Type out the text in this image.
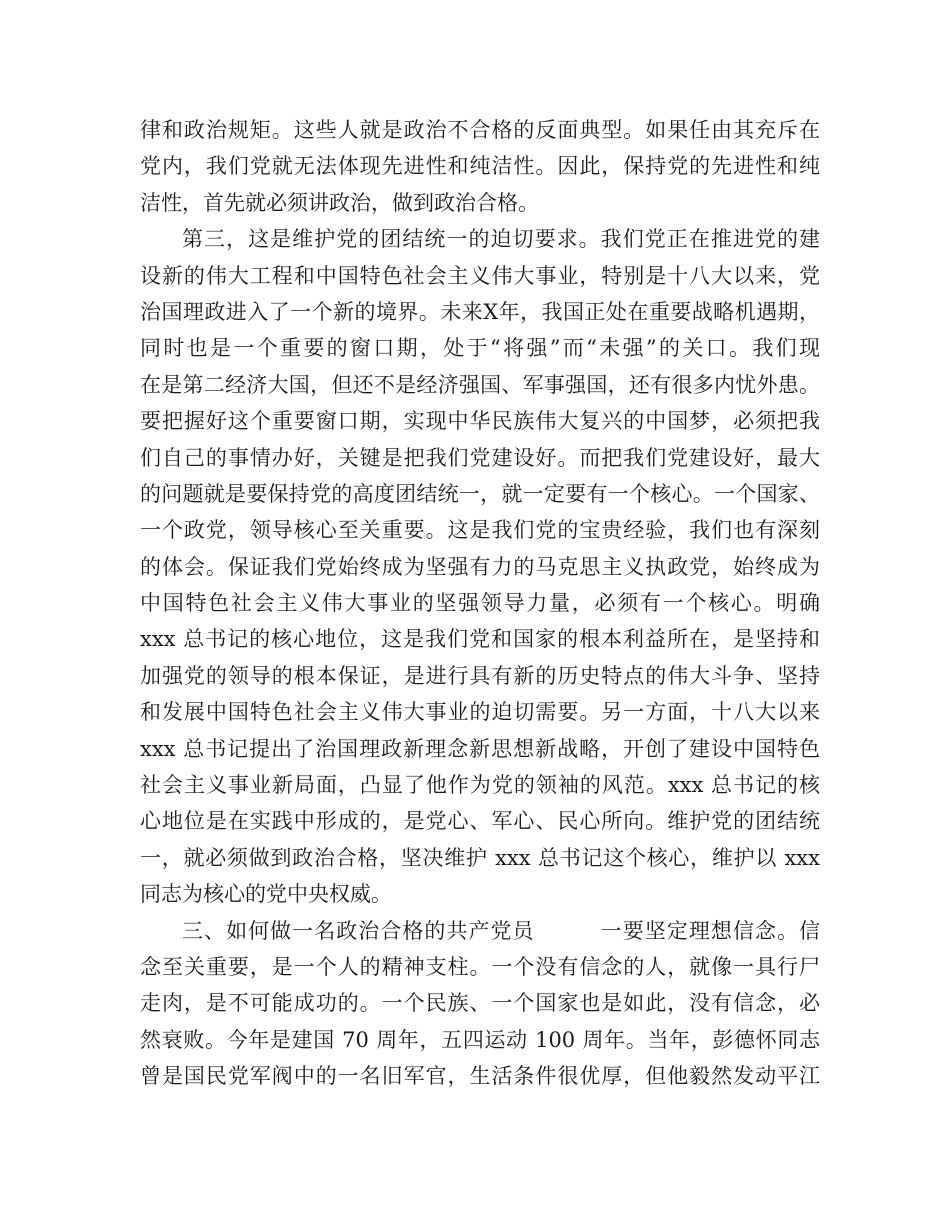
律和政治规矩。这些人就是政治不合格的反面典型。如果任由其充斥在
党内，我们党就无法体现先进性和纯洁性。因此，保持党的先进性和纯
洁性，首先就必须讲政治，做到政治合格。
第三，这是维护党的团结统一的迫切要求。我们党正在推进党的建
设新的伟大工程和中国特色社会主义伟大事业，特别是十八大以来，党
治国理政进入了一个新的境界。未来X年，我国正处在重要战略机遇期，
同时也是一个重要的窗口期，处于“将强”而“未强”的关口。我们现
在是第二经济大国，但还不是经济强国、军事强国，还有很多内忧外患。
要把握好这个重要窗口期，实现中华民族伟大复兴的中国梦，必须把我
们自己的事情办好，关键是把我们党建设好。而把我们党建设好，最大
的问题就是要保持党的高度团结统一，就一定要有一个核心。一个国家、
一个政党，领导核心至关重要。这是我们党的宝贵经验，我们也有深刻
的体会。保证我们党始终成为坚强有力的马克思主义执政党，始终成为
中国特色社会主义伟大事业的坚强领导力量，必须有一个核心。明确
xxx 总书记的核心地位，这是我们党和国家的根本利益所在，是坚持和
加强党的领导的根本保证，是进行具有新的历史特点的伟大斗争、坚持
和发展中国特色社会主义伟大事业的迫切需要。另一方面，十八大以来
xxx 总书记提出了治国理政新理念新思想新战略，开创了建设中国特色
社会主义事业新局面，凸显了他作为党的领袖的风范。xxx 总书记的核
心地位是在实践中形成的，是党心、军心、民心所向。维护党的团结统
一，就必须做到政治合格，坚决维护 xxx 总书记这个核心，维护以 xxx
同志为核心的党中央权威。
三、如何做一名政治合格的共产党员　　　一要坚定理想信念。信
念至关重要，是一个人的精神支柱。一个没有信念的人，就像一具行尸
走肉，是不可能成功的。一个民族、一个国家也是如此，没有信念，必
然衰败。今年是建国 70 周年，五四运动 100 周年。当年，彭德怀同志
曾是国民党军阀中的一名旧军官，生活条件很优厚，但他毅然发动平江
